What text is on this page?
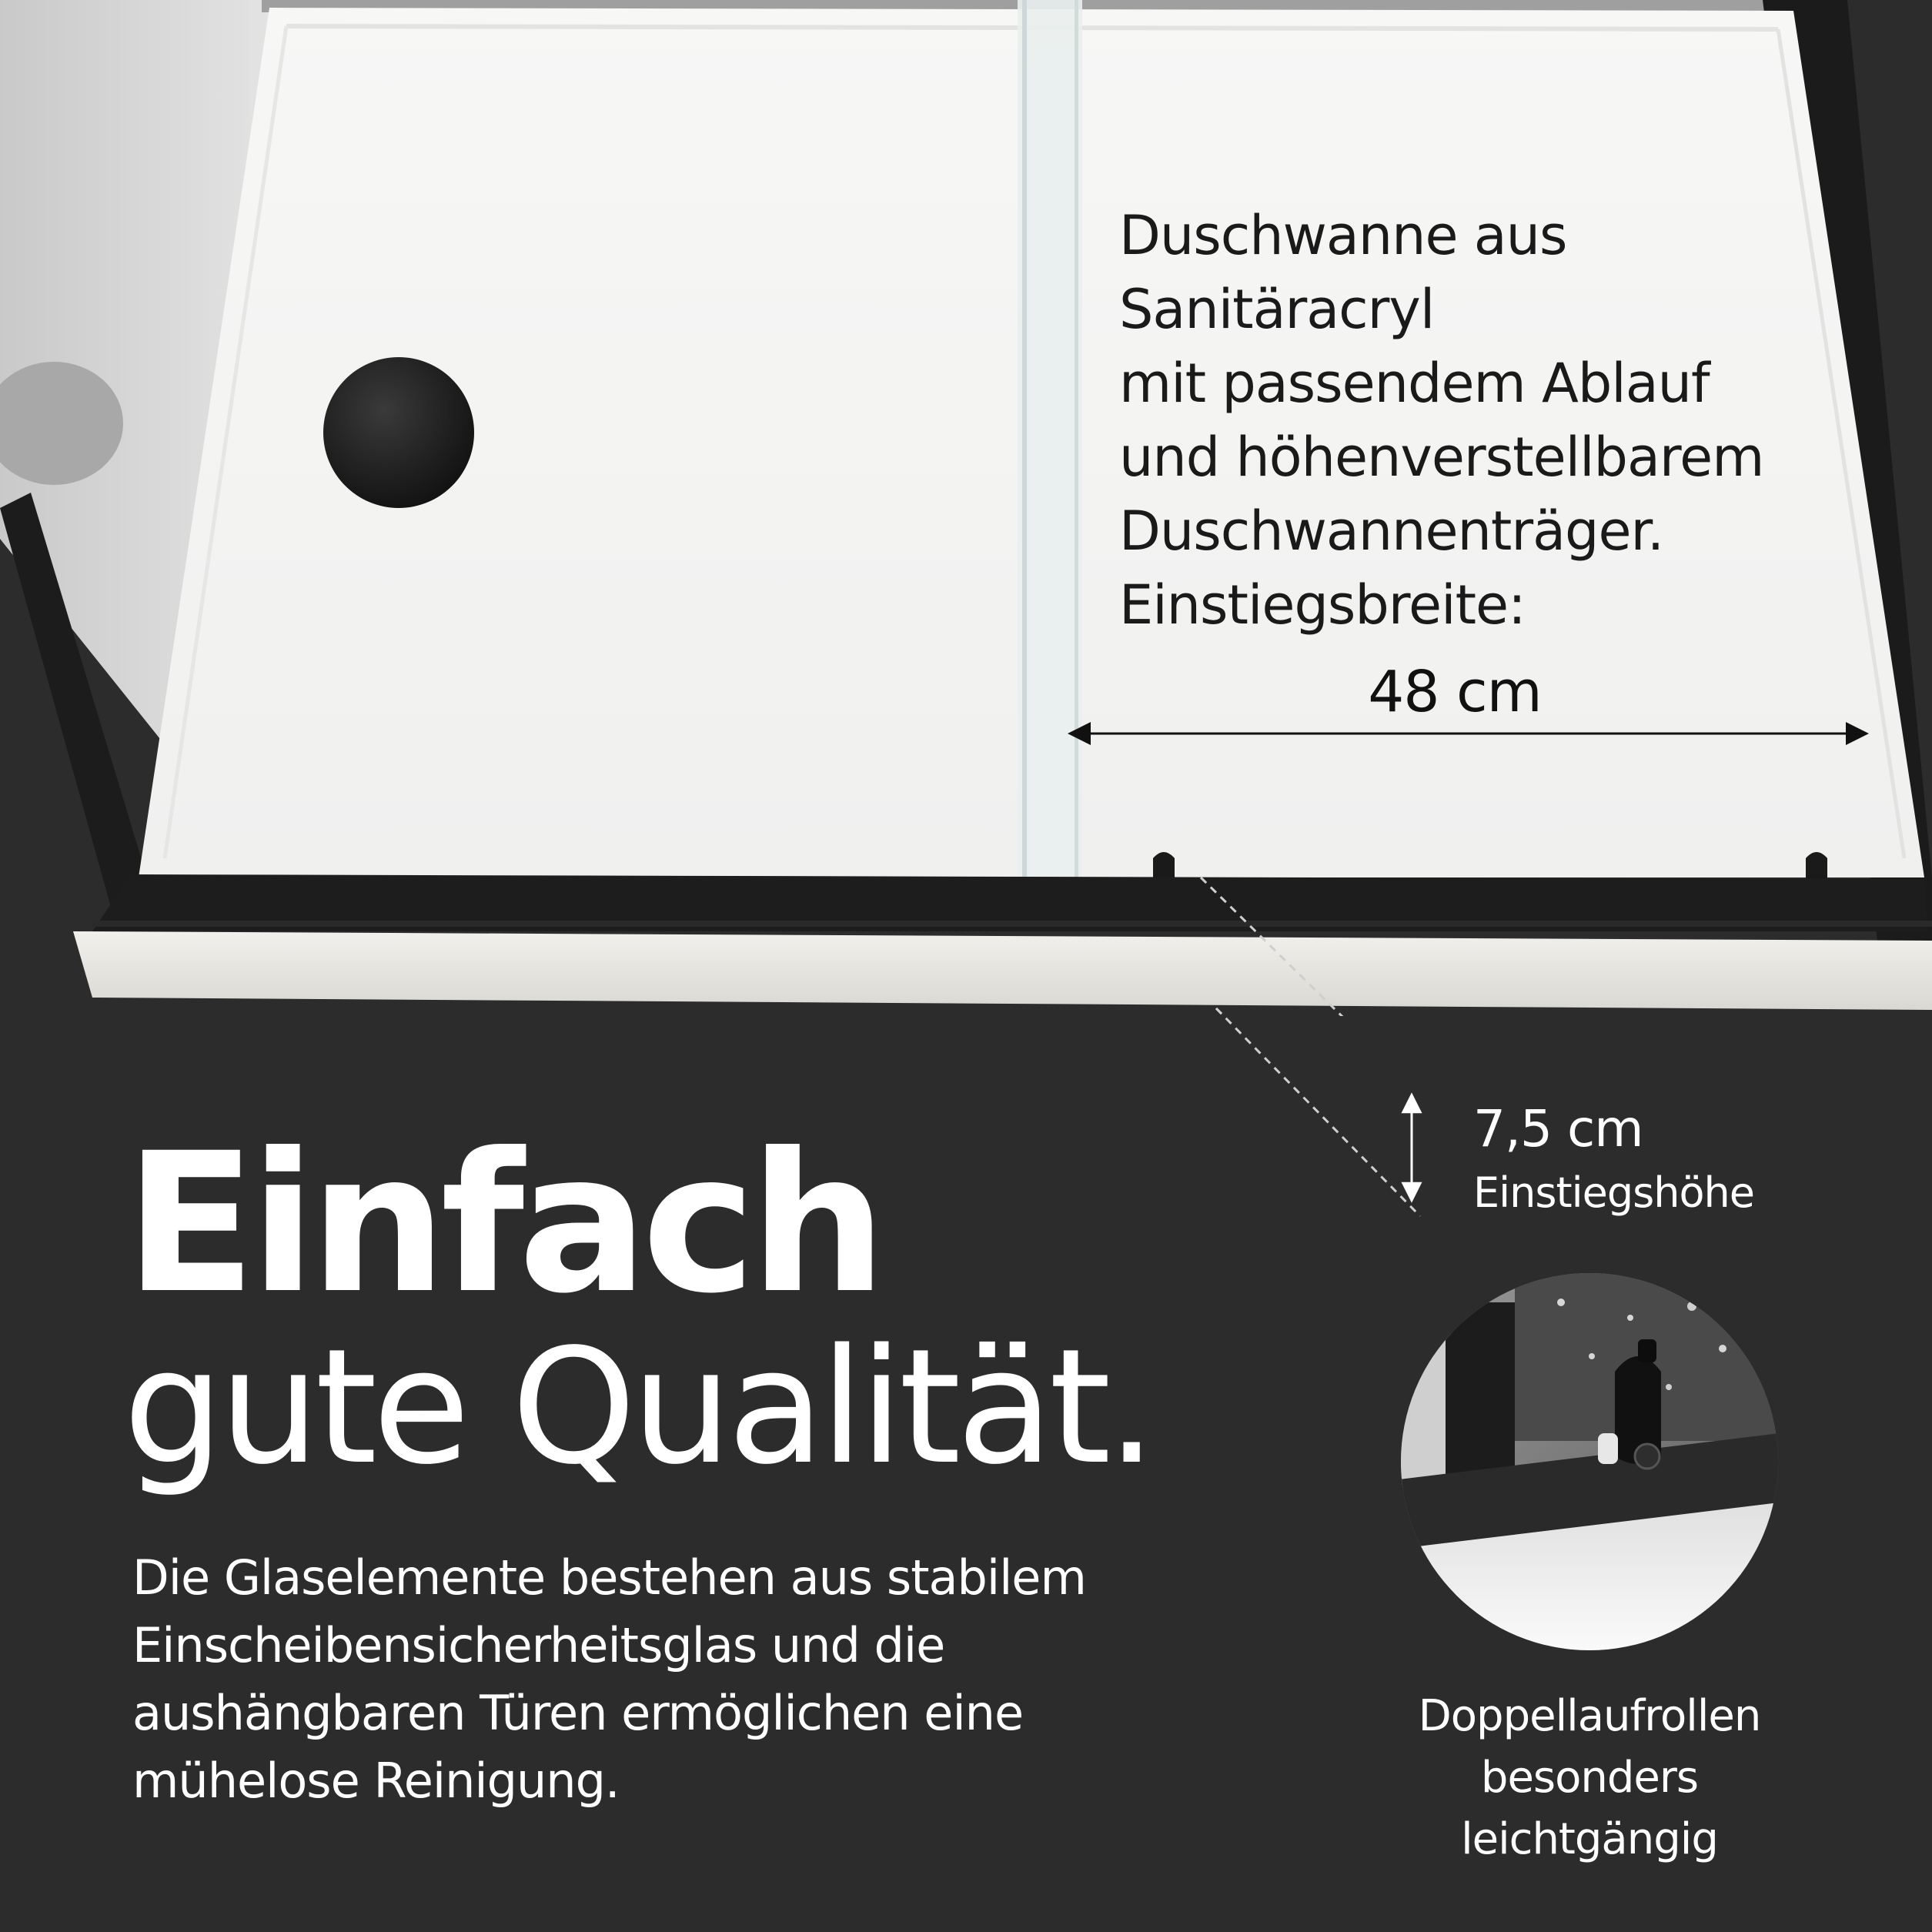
Duschwanne aus
Sanitäracryl
mit passendem Ablauf
und höhenverstellbarem
Duschwannenträger.
Einstiegsbreite:
48 cm
7,5 cm
Einstiegshöhe
Einfach
gute Qualität.
Die Glaselemente bestehen aus stabilem
Einscheibensicherheitsglas und die
aushängbaren Türen ermöglichen eine
mühelose Reinigung.
Doppellaufrollen
besonders
leichtgängig
